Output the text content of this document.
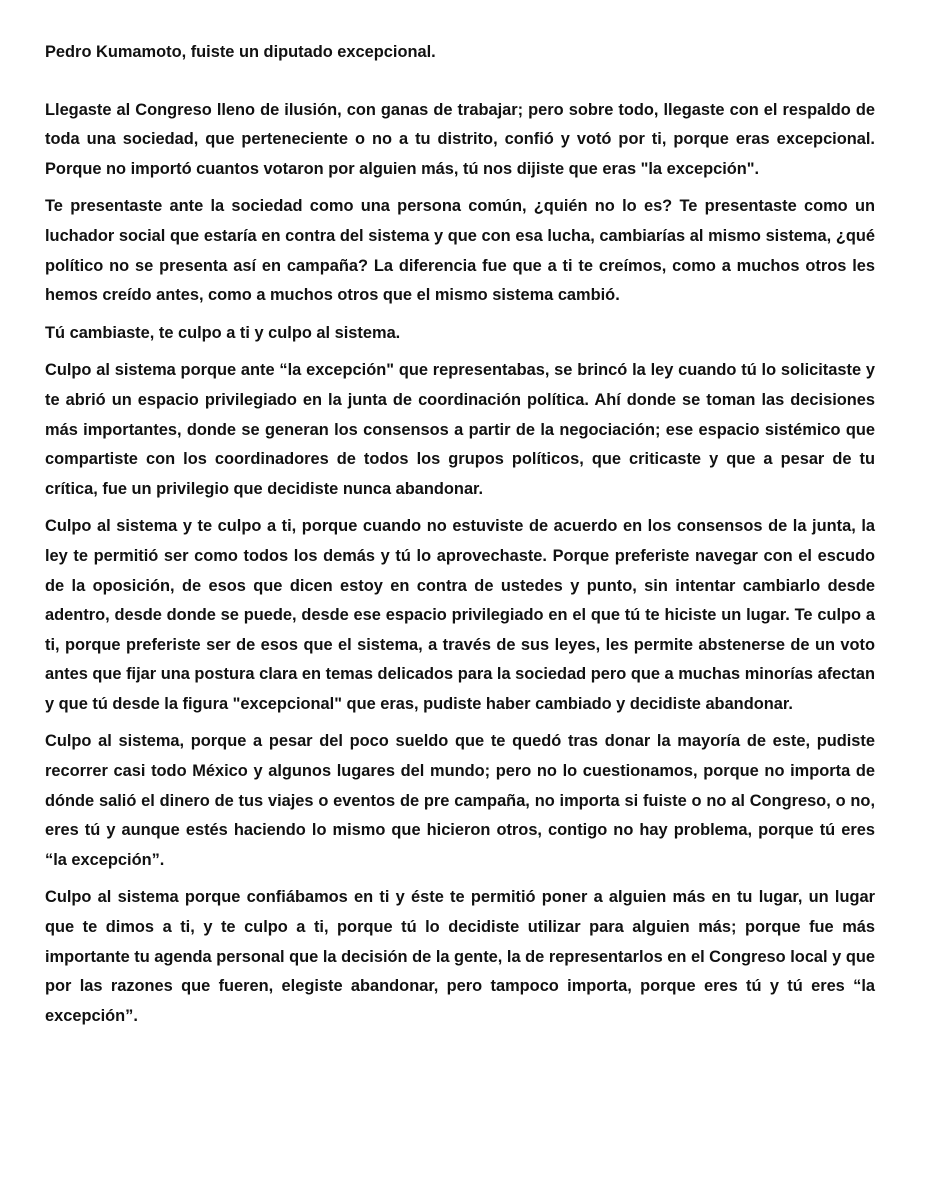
Pedro Kumamoto, fuiste un diputado excepcional.

Llegaste al Congreso lleno de ilusión, con ganas de trabajar; pero sobre todo, llegaste con el respaldo de toda una sociedad, que perteneciente o no a tu distrito, confió y votó por ti, porque eras excepcional. Porque no importó cuantos votaron por alguien más, tú nos dijiste que eras "la excepción".

Te presentaste ante la sociedad como una persona común, ¿quién no lo es? Te presentaste como un luchador social que estaría en contra del sistema y que con esa lucha, cambiarías al mismo sistema, ¿qué político no se presenta así en campaña? La diferencia fue que a ti te creímos, como a muchos otros les hemos creído antes, como a muchos otros que el mismo sistema cambió.

Tú cambiaste, te culpo a ti y culpo al sistema.

Culpo al sistema porque ante “la excepción" que representabas, se brincó la ley cuando tú lo solicitaste y te abrió un espacio privilegiado en la junta de coordinación política. Ahí donde se toman las decisiones más importantes, donde se generan los consensos a partir de la negociación; ese espacio sistémico que compartiste con los coordinadores de todos los grupos políticos, que criticaste y que a pesar de tu crítica, fue un privilegio que decidiste nunca abandonar.

Culpo al sistema y te culpo a ti, porque cuando no estuviste de acuerdo en los consensos de la junta, la ley te permitió ser como todos los demás y tú lo aprovechaste. Porque preferiste navegar con el escudo de la oposición, de esos que dicen estoy en contra de ustedes y punto, sin intentar cambiarlo desde adentro, desde donde se puede, desde ese espacio privilegiado en el que tú te hiciste un lugar. Te culpo a ti, porque preferiste ser de esos que el sistema, a través de sus leyes, les permite abstenerse de un voto antes que fijar una postura clara en temas delicados para la sociedad pero que a muchas minorías afectan y que tú desde la figura "excepcional" que eras, pudiste haber cambiado y decidiste abandonar.

Culpo al sistema, porque a pesar del poco sueldo que te quedó tras donar la mayoría de este, pudiste recorrer casi todo México y algunos lugares del mundo; pero no lo cuestionamos, porque no importa de dónde salió el dinero de tus viajes o eventos de pre campaña, no importa si fuiste o no al Congreso, o no, eres tú y aunque estés haciendo lo mismo que hicieron otros, contigo no hay problema, porque tú eres “la excepción”.

Culpo al sistema porque confiábamos en ti y éste te permitió poner a alguien más en tu lugar, un lugar que te dimos a ti, y te culpo a ti, porque tú lo decidiste utilizar para alguien más; porque fue más importante tu agenda personal que la decisión de la gente, la de representarlos en el Congreso local y que por las razones que fueren, elegiste abandonar, pero tampoco importa, porque eres tú y tú eres “la excepción”.
